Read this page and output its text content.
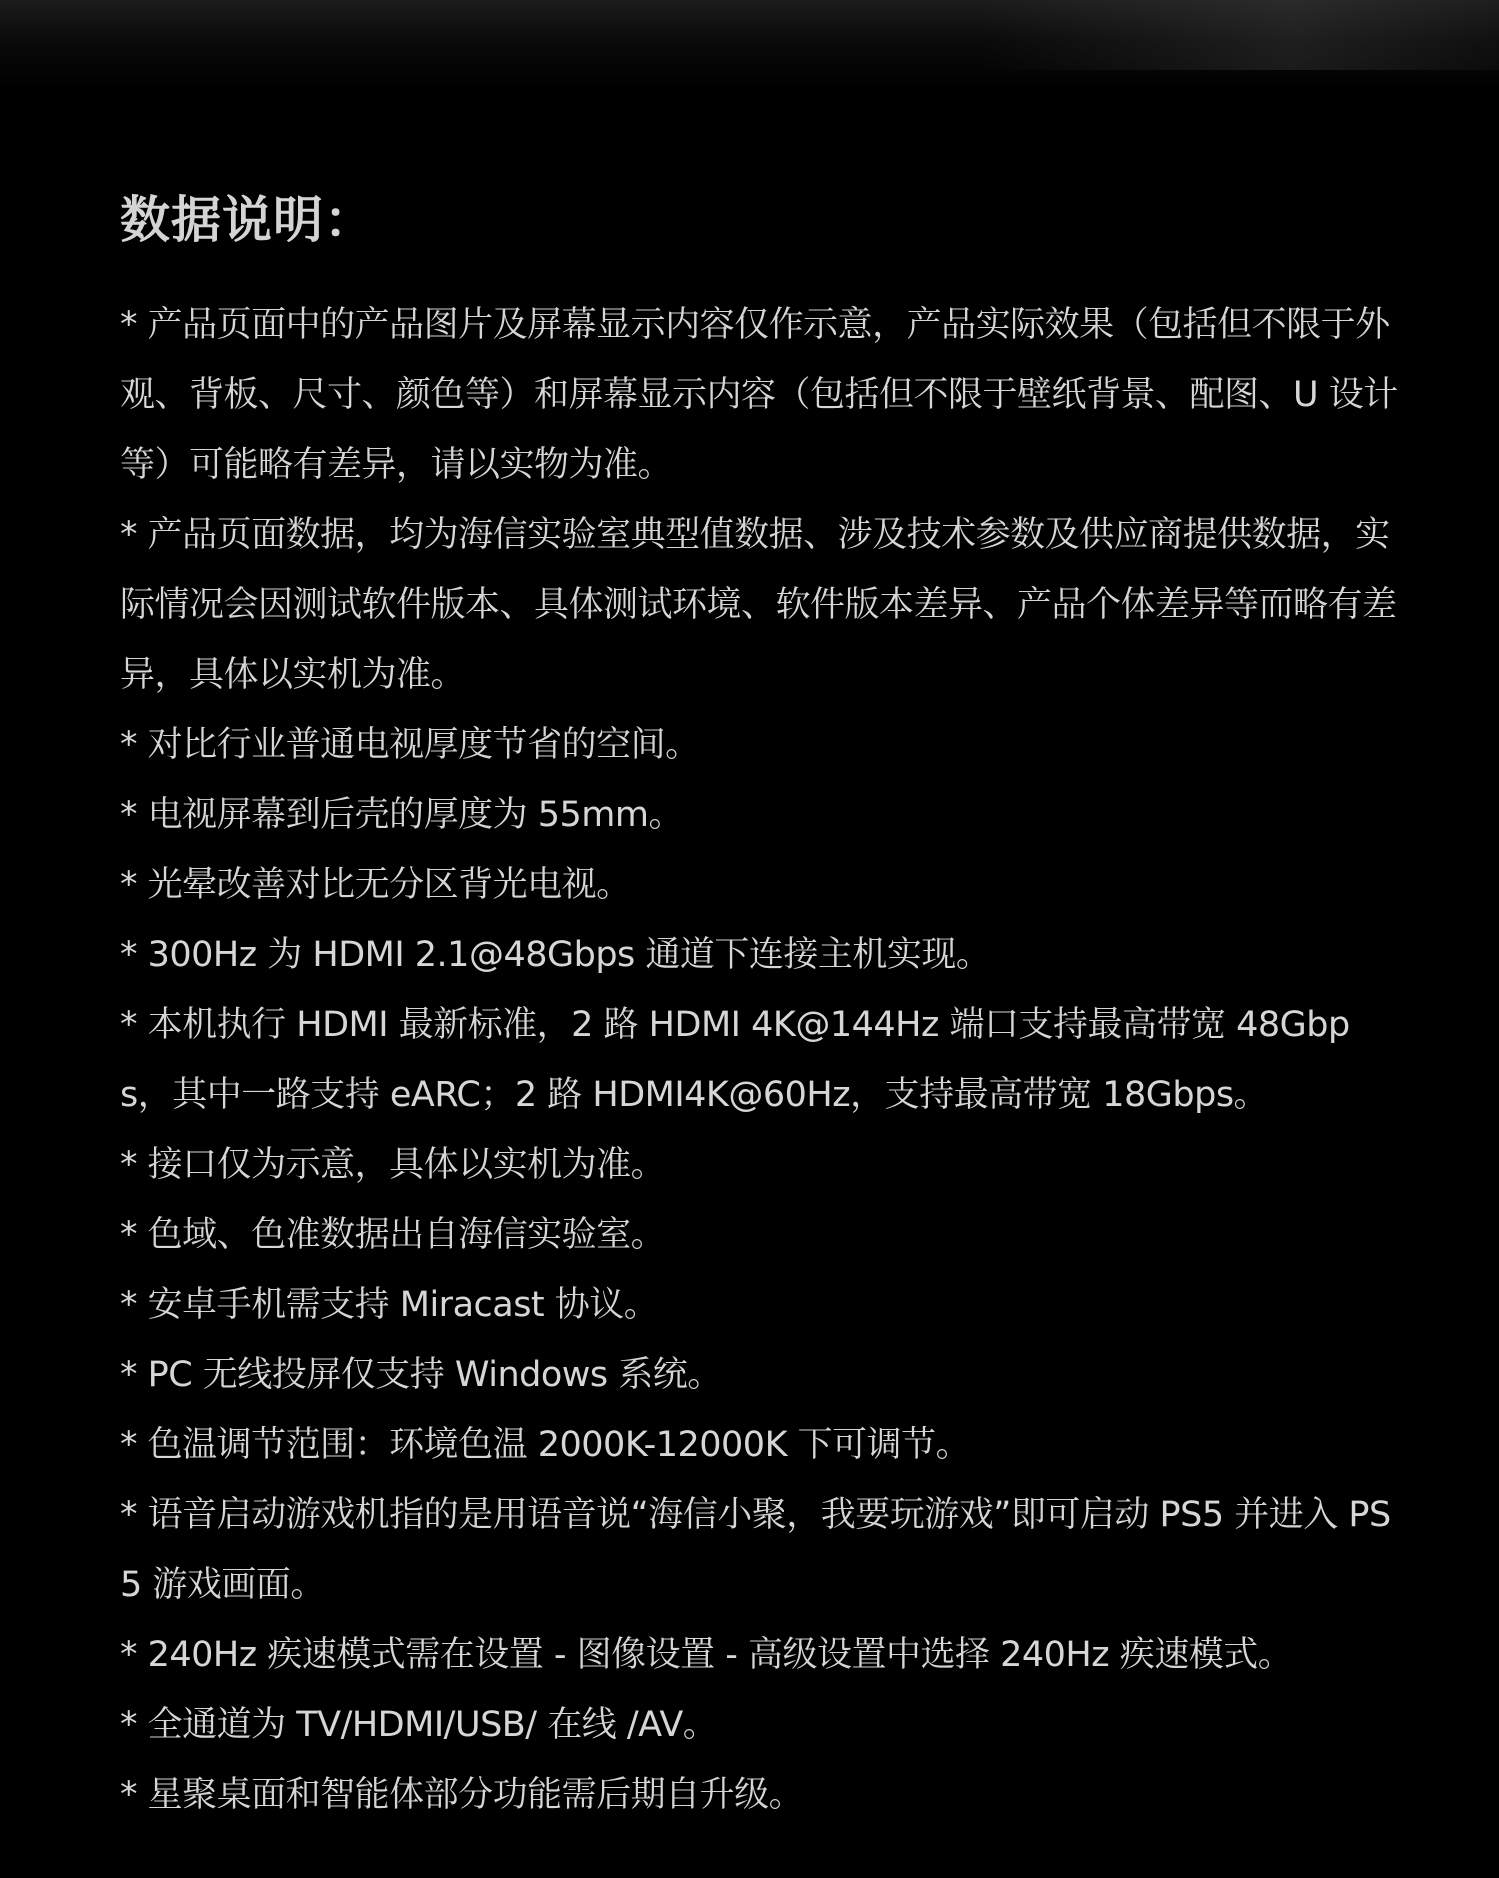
数据说明：
* 产品页面中的产品图片及屏幕显示内容仅作示意，产品实际效果（包括但不限于外观、背板、尺寸、颜色等）和屏幕显示内容（包括但不限于壁纸背景、配图、U 设计等）可能略有差异，请以实物为准。
* 产品页面数据，均为海信实验室典型值数据、涉及技术参数及供应商提供数据，实际情况会因测试软件版本、具体测试环境、软件版本差异、产品个体差异等而略有差异，具体以实机为准。
* 对比行业普通电视厚度节省的空间。
* 电视屏幕到后壳的厚度为 55mm。
* 光晕改善对比无分区背光电视。
* 300Hz 为 HDMI 2.1@48Gbps 通道下连接主机实现。
* 本机执行 HDMI 最新标准，2 路 HDMI 4K@144Hz 端口支持最高带宽 48Gbps，其中一路支持 eARC；2 路 HDMI4K@60Hz，支持最高带宽 18Gbps。
* 接口仅为示意，具体以实机为准。
* 色域、色准数据出自海信实验室。
* 安卓手机需支持 Miracast 协议。
* PC 无线投屏仅支持 Windows 系统。
* 色温调节范围：环境色温 2000K-12000K 下可调节。
* 语音启动游戏机指的是用语音说“海信小聚，我要玩游戏”即可启动 PS5 并进入 PS5 游戏画面。
* 240Hz 疾速模式需在设置 - 图像设置 - 高级设置中选择 240Hz 疾速模式。
* 全通道为 TV/HDMI/USB/ 在线 /AV。
* 星聚桌面和智能体部分功能需后期自升级。
